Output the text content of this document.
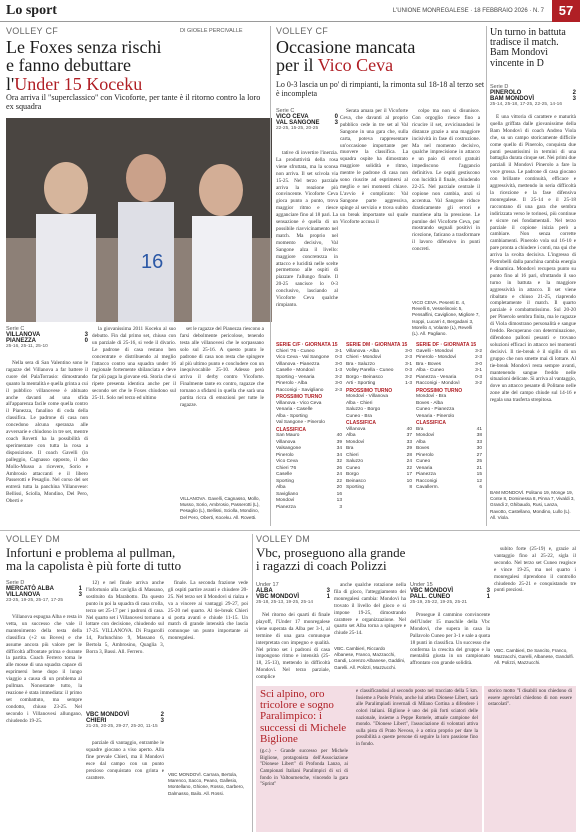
Lo sport	L'UNIONE MONREGALESE · 18 FEBBRAIO 2026 · N. 7	57
VOLLEY CF	DI GIOELE PERCIVALLE
Le Foxes senza rischi
e fanno debuttare
l'Under 15 Koceku
Ora arriva il "superclassico" con Vicoforte, per tante è il ritorno contro la loro ex squadra
16
Serie C
VILLANOVA	3
PIANEZZA	0
25-16, 25-11, 25-10

Nella sera di San Valentino sono le ragazze del Villanova a far battere il cuore del PalaTorrasio: dimostrando quanto la mentalità e quella grinta a cui il pubblico villanovese è abituato anche davanti ad una sfida all'apparenza facile come quella contro il Pianezza, fanalino di coda della classifica. Le padrone di casa non concedono alcuna speranza alle avversarie e chiudono in tre set, mentre coach Rovetti ha la possibilità di sperimentare con tutta la rosa a disposizione. Il coach Gavelli (in palleggio, Cagnasso opposto, il duo Mollo-Musso a ricevere, Sorio e Ambrosio attaccanti e il libero Passerotti e Pesaglio. Nel corso del set entrerà tutta la panchina Villanovese: Bellissi, Sciolla, Mondino, Del Pero, Oberti e

la giovanissima 2011 Koceku al suo debutto. Fin dal primo set, chiuso con un parziale di 25-16, si vede il divario. Le padrone di casa restano ben concentrate e distribuendo al meglio l'attacco contro una squadra under 16 regionale fortemente sbilanciata e deve far più paga la giovane età. Storia che si ripete presenta identica anche per il secondo set che le Foxes chiudono sul 25-11. Solo nel terzo ed ultimo

set le ragazze del Pianezza riescono a farsi debolmente pericolose, tenendo testa alle villanovesi che le sorpassano solo sul 25-16. A questo punto le padrone di casa non resta che spingere al più ultimo punto e concludere con un inequivocabile 25-10. Adesso però arriva il derby contro Vicoforte. Finalmente tante ex contro, ragazze che tornano a sfidarsi in quella che sarà una partita ricca di emozioni per tutte le ragazze.

VILLANOVA. Gavelli, Cagnasso, Mollo, Musso, Sorio, Ambrosio, Passerotti (L), Pesaglio (L), Bellissi, Sciolla, Mondino, Del Pero, Oberti, Koceku. All. Rovetti.
VOLLEY CF
Occasione mancata
per il Vico Ceva
Lo 0-3 lascia un po' di rimpianti, la rimonta sul 18-18 al terzo set è incompleta
Serie C
VICO CEVA	0
VAL SANGONE	3
22-25, 15-25, 20-25

Serata amara per il Vicoforte Ceva, che davanti al proprio pubblico cede in tre set al Val Sangone in una gara che, sulla carta, poteva rappresentare un'occasione importante per muovere la classifica. La squadra ospite ha dimostrato maggiore solidità e ritmo, mentre le padrone di casa non sono riuscite ad esprimersi al meglio e nei momenti chiave. L'avvio è complicato: Val Sangone parte aggressiva, spinge al servizio e trova subito un break importante sul quale Vicoforte accusa il

colpo ma non si disunisce. Con orgoglio riesce fino a ricucire il set, avvicinandosi le distanze grazie a una maggiore incisività in fase di costruzione. Ma nel momento decisivo, qualche imprecisione in attacco e un paio di errori gratuiti impediscono l'aggancio definitivo. Le ospiti gestiscono con lucidità il finale, chiudendo 22-25. Nel parziale centrale il copione non cambia, anzi si accentua. Val Sangone riduce drasticamente gli errori e mantiene alta la pressione. Le pumine del Vicoforte Ceva, pur mostrando segnali positivi in ricezione, faticano a trasformare il lavoro difensivo in punti concreti.

tative di invertire l'inerzia. La produttività della rosa viene sfruttata, ma la sconsa non arriva. Il set scivola via 15-25. Nel terzo parziale arriva la reazione più convincente. Vicoforte Ceva gioca punto a punto, trova maggior ritmo e riesce agganciare fino al 18 pari. La sensazione è quella di un possibile riavvicinamento nel match. Ma proprio nel momento decisivo, Val Sangone alza il livello: maggiore concretezza in attacco e lucidità nelle scelte permettono alle ospiti di piazzare l'allungo finale. Il 20-25 sancisce lo 0-3 conclusivo, lasciando al Vicoforte Ceva qualche rimpianto.	VICO CEVA. Pesenti E. 4, Revelli 6, Vesselinovic 5, Pensalfini, Caviglione, Migliore 7, Isoppi, Lucarri 4, Bergadani 3, Morello 4, Volante (L), Revelli (L). All. Pagliano.
SERIE C/F · GIORNATA 15
Chieri '76 - Cuneo	3-1
Vico Ceva - Val Sangone 0-3
Villanova - Pianezza	3-0
Caselle - Mondovì	1-3
Sporting - Venaria	3-2
Pinerolo - Alba	3-0
Racconigi - Savigliano 2-3
PROSSIMO TURNO
Villanova - Vico Ceva
Venaria - Caselle
Alba - Sporting
Val Sangone - Pinerolo
CLASSIFICA
San Mauro	40
Villanova	39
Valsangone	34
Pinerolo	34
Vico Ceva	32
Chieri '76	26
Caselle	24
Sporting	22
Alba	20
Savigliano	16
Mondovì	13
Pianezza	3
SERIE DM · GIORNATA 15
Villanova - Alba	3-0
Chieri - Mondovì	2-3
Bra - Saluzzo	3-1
Volley Parella - Cuneo 0-3
Borgo - Beinasco	3-2
Arti - Sporting	1-3
PROSSIMO TURNO
Mondovì - Villanova
Alba - Chieri
Saluzzo - Borgo
Cuneo - Bra
CLASSIFICA
Villanova	40
Alba	37
Mondovì	33
Bra	29
Chieri	28
Saluzzo	24
Cuneo	22
Borgo	17
Beinasco	10
Sporting	8
SERIE DF · GIORNATA 15
Gavelli - Mondovì	3-2
Pinerolo - Mondovì	2-3
Bra - Boves	3-0
Alba - Cuneo	3-1
Pianezza - Venaria	0-3
Racconigi - Mondovì	3-2
PROSSIMO TURNO
Mondovì - Bra
Boves - Alba
Cuneo - Pianezza
Venaria - Pinerolo
CLASSIFICA
Bra	41
Mondovì	38
Alba	33
Boves	30
Pinerolo	27
Cuneo	25
Venaria	21
Pianezza	15
Racconigi	12
Cavallerm.	6
Un turno in battuta tradisce il match. Bam Mondovì vincente in D
Serie D
PINEROLO	2
BAM MONDOVÌ	3
25-14, 25-18, 17-25, 22-25, 14-16

È una vittoria di carattere e maturità quella griffata dalle giovanissime della Bam Mondovì di coach Andrea Viola che, su un campo storicamente difficile come quello di Pinerolo, conquista due punti pesantissimi in termini di una battaglia durata cinque set. Nei primi due parziali il Mondovì Pinerolo a fare la voce grossa. Le padrone di casa giocano con brillante continuità, efficace e aggressività, mettendo in seria difficoltà la ricezione e la fase difensiva monregalese. Il 25-14 e il 25-18 raccontano di una gara che sembra indirizzata verso le torinesi, più continue e sicure nei fondamentali. Nel terzo parziale il copione inizia però a cambiare. Non senza corrette cambiamenti. Pinerolo vola sul 16-10 e pare pronta a chiudere i conti, ma qui che arriva la svolta decisiva. L'ingresso di Pietrobelli dalla panchina cambia energia e dinamica. Mondovì recupera punto su punto fino al 16 pari, sfruttando il suo turno in battuta e la maggiore aggressività in attacco. Il set viene ribaltato e chiuso 21-25, riaprendo completamente il match. Il quarto parziale è combattutissimo. Sul 20-20 per Pinerolo sembra finita, ma le ragazze di Viola dimostrano personalità e sangue freddo. Recuperano con determinazione, difendono palloni pesanti e trovano soluzioni efficaci in attacco nei momenti decisivi. Il tie-break è il sigillo di un gruppo che non smette mai di lottare. Al tie-break Mondovì resta sempre avanti, mantenendo sangue freddo nelle situazioni delicate. Si arriva al vantaggio, dove un attacco pesante di Politano nelle zone alte del campo chiude sul 14-16 e regala una trasferta strepitosa.

BAM MONDOVÌ. Politano 19, Monge 19, Conte 8, Dominessa 8, Pinna 7, Vivaldi 3, Grandi 2, Ghibaudo, Rusi, Lanza, Ravotto, Castellano, Mondino, Lullo (L). All. Viola.
VOLLEY DM
Infortuni e problema al pullman,
ma la capolista è più forte di tutto
Serie D
MERCATÒ ALBA	1
VILLANOVA	3
23-25, 19-25, 25-17, 17-25

Villanova espugna Alba e resta in vetta, un successo che vale il mantenimento della testa della classifica (+2 su Boves) e che assume ancora più valore per le difficoltà affrontate prima e durante la partita. Coach Ferrero torna le alle mosse di una squadra capace di esprimersi bene dopo il lungo viaggio a causa di un problema al pullman. Nonostante tutto, la reazione è stata immediata: il primo set combattuto, ma sempre condotto, chiuso 23-25. Nel secondo i Villanovesi allungano, chiudendo 19-25.

12) e nel finale arriva anche l'infortunio alla caviglia di Massano, sostituito da Marabotto. Da questo punto in poi la squadra di casa crolla, terzo set 25-17 per i padroni di casa. Nel quarto set i Villanovesi tornano a lottare con decisione, chiudendo sul 17-25. VILLANOVA. Di Fragarolli 14, Parlunchino 9, Massano 6, Bertola 5, Ambrosino, Quaglia 3, Borra 3, Bassi. All. Ferrero.

VBC MONDOVÌ	2
CHIERI	3
21-25, 20-25, 29-27, 25-20, 11-15

parziale di vantaggio, entrambe le squadre giocano a viso aperto. Alla fine prevale Chieri, ma il Mondovì esce dal campo con un punto prezioso conquistato con grinta e carattere.

finale. La seconda frazione vede gli ospiti partire avanti e chiudere 20-25. Nel terzo set il Mondovì si rialza e va a vincere ai vantaggi 29-27, poi 25-20 nel quarto. Al tie-break Chieri si porta avanti e chiude 11-15. Un match di grande intensità che lascia comunque un punto importante ai monregalesi.

VBC MONDOVÌ. Carrara, Bertola, Marenco, Sacco, Peano, Gallesio, Montellano, Ghione, Rosso, Garbero, Dalmasso, Bailo. All. Rossi.
VOLLEY DM
Vbc, proseguono alla grande
i ragazzi di coach Polizzi
Under 17
ALBA	3
VBC MONDOVÌ	1
25-18, 25-13, 19-25, 25-14

Nel ritorno dei quarti di finale playoff, l'Under 17 monregalese viene superata da Alba per 3-1, al termine di una gara comunque interpretata con impegno e qualità. Nel primo set i padroni di casa impongono ritmo e intensità (25-18, 25-13), mettendo in difficoltà Mondovì. Nel terzo parziale, complice

anche qualche rotazione nella fila di gioco, l'atteggiamento dei monregalesi cambia: Mondovì ha trovato il livello del gioco e si impone 19-25, dimostrando carattere e organizzazione. Nel quarto set Alba torna a spingere e chiude 25-14.

VBC. Cambieri, Riccardo Albanese, Franco, Mazzacchi, Gandi, Lorenzo Albanese, Gaddini, Garelli. All. Polizzi, Mazzucchi.
Under 15
VBC MONDOVÌ	3
PALL. CUNEO	1
25-19, 25-22, 19-25, 25-21

Prosegue il cammino convincente dell'Under 15 maschile della Vbc Mondovì, che supera in casa la Pallavolo Cuneo per 3-1 e sale a quota 18 punti in classifica. Un successo che conferma la crescita del gruppo e la mentalità giusta in un campionato affrontato con grande solidità.

subito forte (25-19) e, grazie al vantaggio fino al 25-22, sigla il secondo. Nel terzo set Cuneo reagisce e vince 19-25, ma nel quarto i monregalesi riprendono il controllo chiudendo 25-21 e conquistando tre punti preziosi.

VBC. Cambieri, De Sancito, Franco, Mazzacchi, Garelli, Albanese, Gandolfi. All. Polizzi, Mazzucchi.
Sci alpino, oro tricolore e sogno Paralimpico: i successi di Michele Biglione
(g.c.) - Grande successo per Michele Biglione, protagonista dell'Associazione "Dionese Libert" di Profonda Lanzo, ai Campionati Italiani Paralimpici di sci di fondo in Valtournenche, vincendo la gara "Sprint"
e classificandosi al secondo posto nel tracciato della 5 km. Insieme a Paolo Priolo, anche lui atleta Dionese Libert, sarà alle Paralimpiadi invernali di Milano Cortina a difendere i colori italiani. Biglione è uno dei più forti sciatori delle nazionale, insieme a Peppe Romele, attuale campione del mondo. "Dionese Libert", l'associazione di volontari attiva sulla pista di Prato Nevoso, è a ottica proprio per dare la possibilità a queste persone di seguire la loro passione fino in fondo.
storico motto "I disabili non chiedono di essere agevolati chiedono di non essere ostacolati".
